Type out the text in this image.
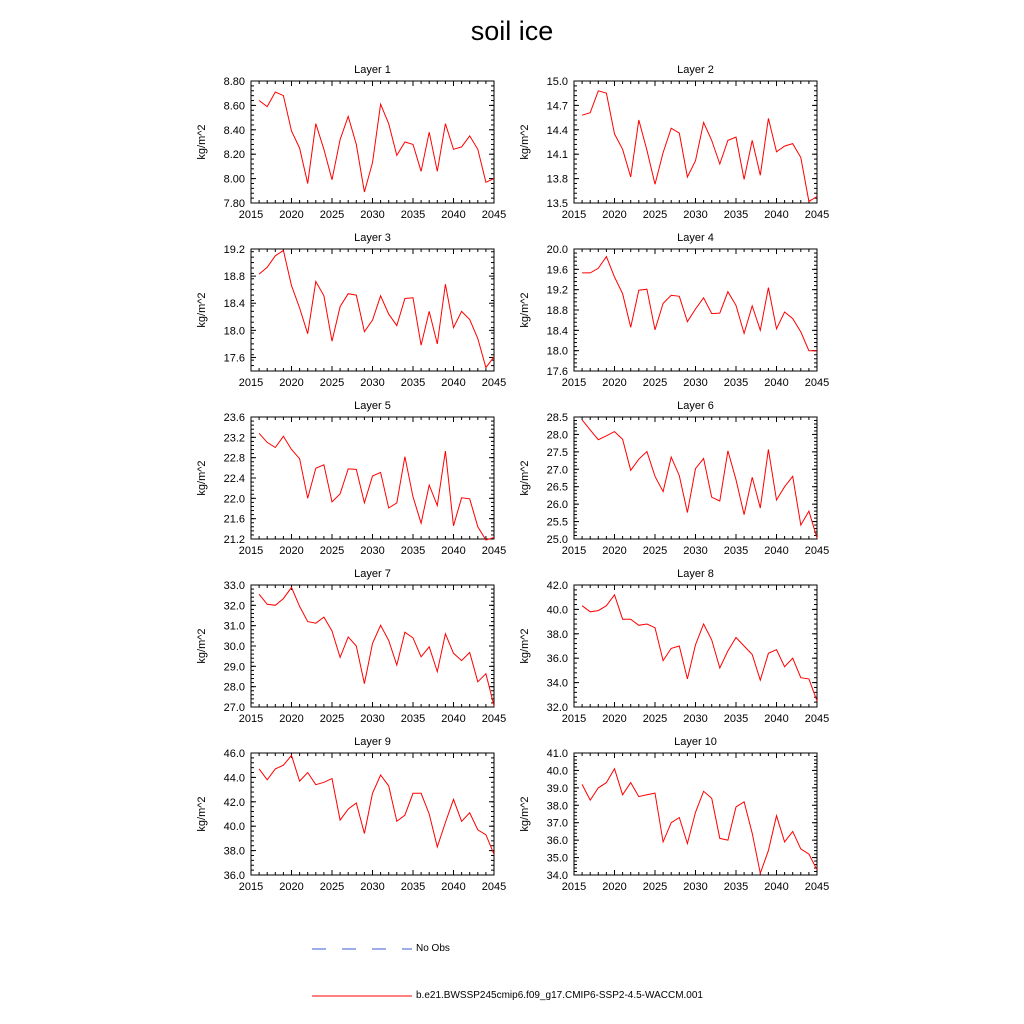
soil ice
Layer 1
kg/m^2
2015 2020 2025 2030 2035 2040 2045
7.80
8.00
8.20
8.40
8.60
8.80
Layer 2
kg/m^2
2015 2020 2025 2030 2035 2040 2045
13.5
13.8
14.1
14.4
14.7
15.0
Layer 3
kg/m^2
2015 2020 2025 2030 2035 2040 2045
17.6
18.0
18.4
18.8
19.2
Layer 4
kg/m^2
2015 2020 2025 2030 2035 2040 2045
17.6
18.0
18.4
18.8
19.2
19.6
20.0
Layer 5
kg/m^2
2015 2020 2025 2030 2035 2040 2045
21.2
21.6
22.0
22.4
22.8
23.2
23.6
Layer 6
kg/m^2
2015 2020 2025 2030 2035 2040 2045
25.0
25.5
26.0
26.5
27.0
27.5
28.0
28.5
Layer 7
kg/m^2
2015 2020 2025 2030 2035 2040 2045
27.0
28.0
29.0
30.0
31.0
32.0
33.0
Layer 8
kg/m^2
2015 2020 2025 2030 2035 2040 2045
32.0
34.0
36.0
38.0
40.0
42.0
Layer 9
kg/m^2
2015 2020 2025 2030 2035 2040 2045
36.0
38.0
40.0
42.0
44.0
46.0
Layer 10
kg/m^2
2015 2020 2025 2030 2035 2040 2045
34.0
35.0
36.0
37.0
38.0
39.0
40.0
41.0
No Obs
b.e21.BWSSP245cmip6.f09_g17.CMIP6-SSP2-4.5-WACCM.001
